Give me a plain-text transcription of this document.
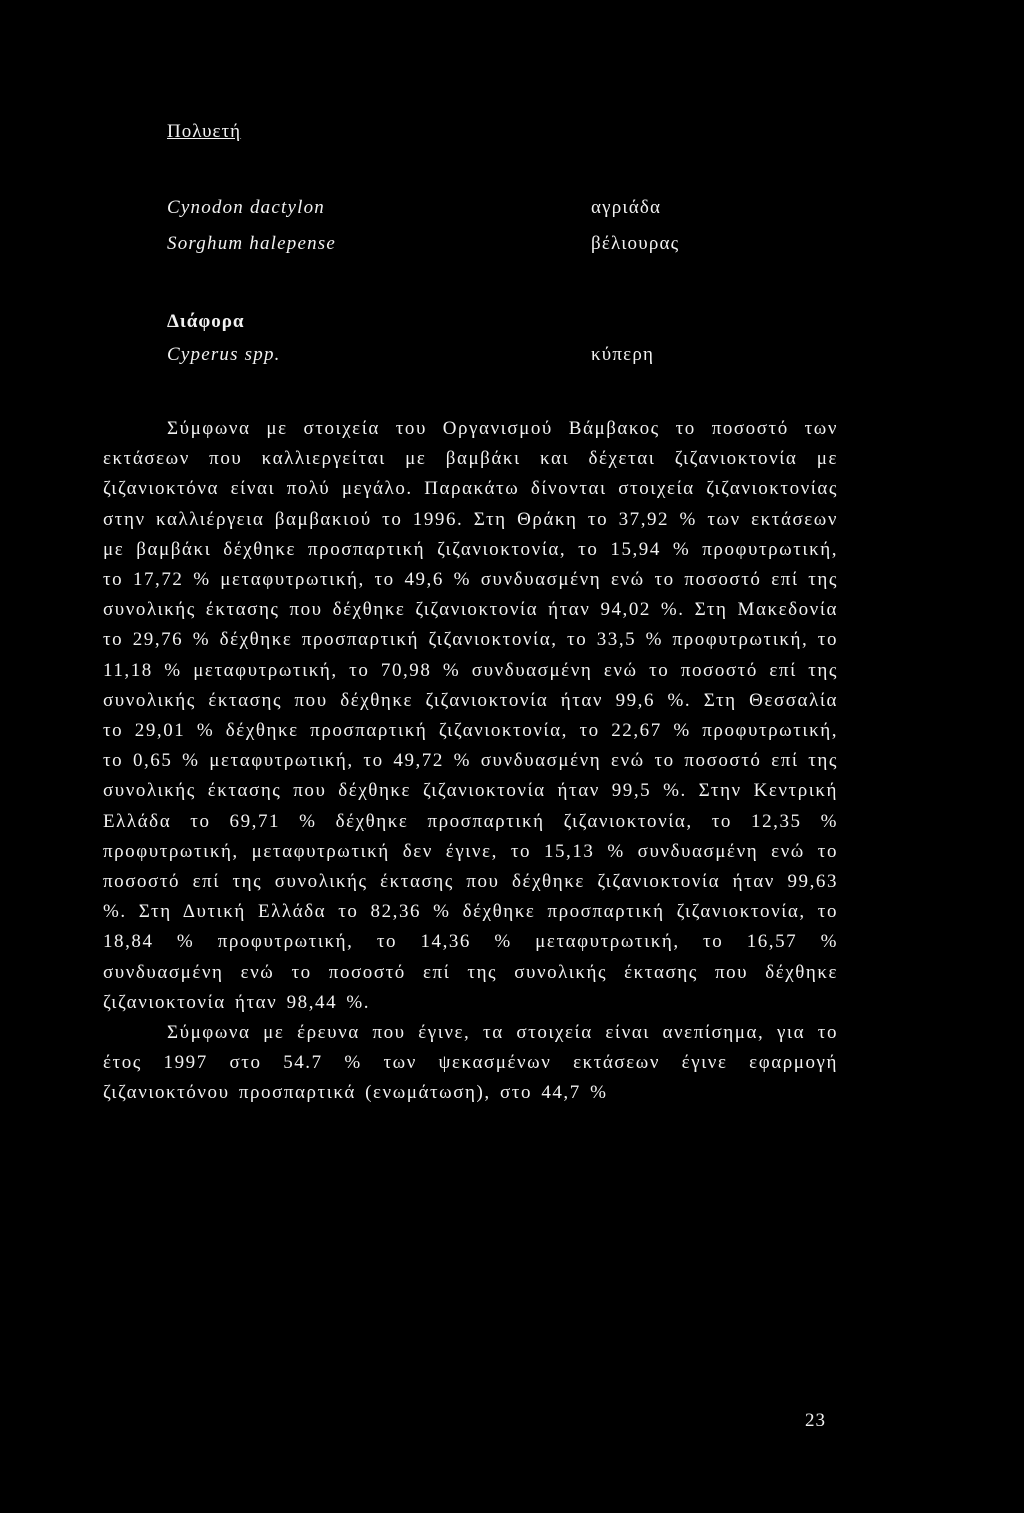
Πολυετή
Cynodon dactylon	αγριάδα
Sorghum halepense	βέλιουρας
Διάφορα
Cyperus spp.	κύπερη

Σύμφωνα με στοιχεία του Οργανισμού Βάμβακος το ποσοστό των εκτάσεων που καλλιεργείται με βαμβάκι και δέχεται ζιζανιοκτονία με ζιζανιοκτόνα είναι πολύ μεγάλο. Παρακάτω δίνονται στοιχεία ζιζανιοκτονίας στην καλλιέργεια βαμβακιού το 1996. Στη Θράκη το 37,92 % των εκτάσεων με βαμβάκι δέχθηκε προσπαρτική ζιζανιοκτονία, το 15,94 % προφυτρωτική, το 17,72 % μεταφυτρωτική, το 49,6 % συνδυασμένη ενώ το ποσοστό επί της συνολικής έκτασης που δέχθηκε ζιζανιοκτονία ήταν 94,02 %. Στη Μακεδονία το 29,76 % δέχθηκε προσπαρτική ζιζανιοκτονία, το 33,5 % προφυτρωτική, το 11,18 % μεταφυτρωτική, το 70,98 % συνδυασμένη ενώ το ποσοστό επί της συνολικής έκτασης που δέχθηκε ζιζανιοκτονία ήταν 99,6 %. Στη Θεσσαλία το 29,01 % δέχθηκε προσπαρτική ζιζανιοκτονία, το 22,67 % προφυτρωτική, το 0,65 % μεταφυτρωτική, το 49,72 % συνδυασμένη ενώ το ποσοστό επί της συνολικής έκτασης που δέχθηκε ζιζανιοκτονία ήταν 99,5 %. Στην Κεντρική Ελλάδα το 69,71 % δέχθηκε προσπαρτική ζιζανιοκτονία, το 12,35 % προφυτρωτική, μεταφυτρωτική δεν έγινε, το 15,13 % συνδυασμένη ενώ το ποσοστό επί της συνολικής έκτασης που δέχθηκε ζιζανιοκτονία ήταν 99,63 %. Στη Δυτική Ελλάδα το 82,36 % δέχθηκε προσπαρτική ζιζανιοκτονία, το 18,84 % προφυτρωτική, το 14,36 % μεταφυτρωτική, το 16,57 % συνδυασμένη ενώ το ποσοστό επί της συνολικής έκτασης που δέχθηκε ζιζανιοκτονία ήταν 98,44 %.

Σύμφωνα με έρευνα που έγινε, τα στοιχεία είναι ανεπίσημα, για το έτος 1997 στο 54.7 % των ψεκασμένων εκτάσεων έγινε εφαρμογή ζιζανιοκτόνου προσπαρτικά (ενωμάτωση), στο 44,7 %

23
